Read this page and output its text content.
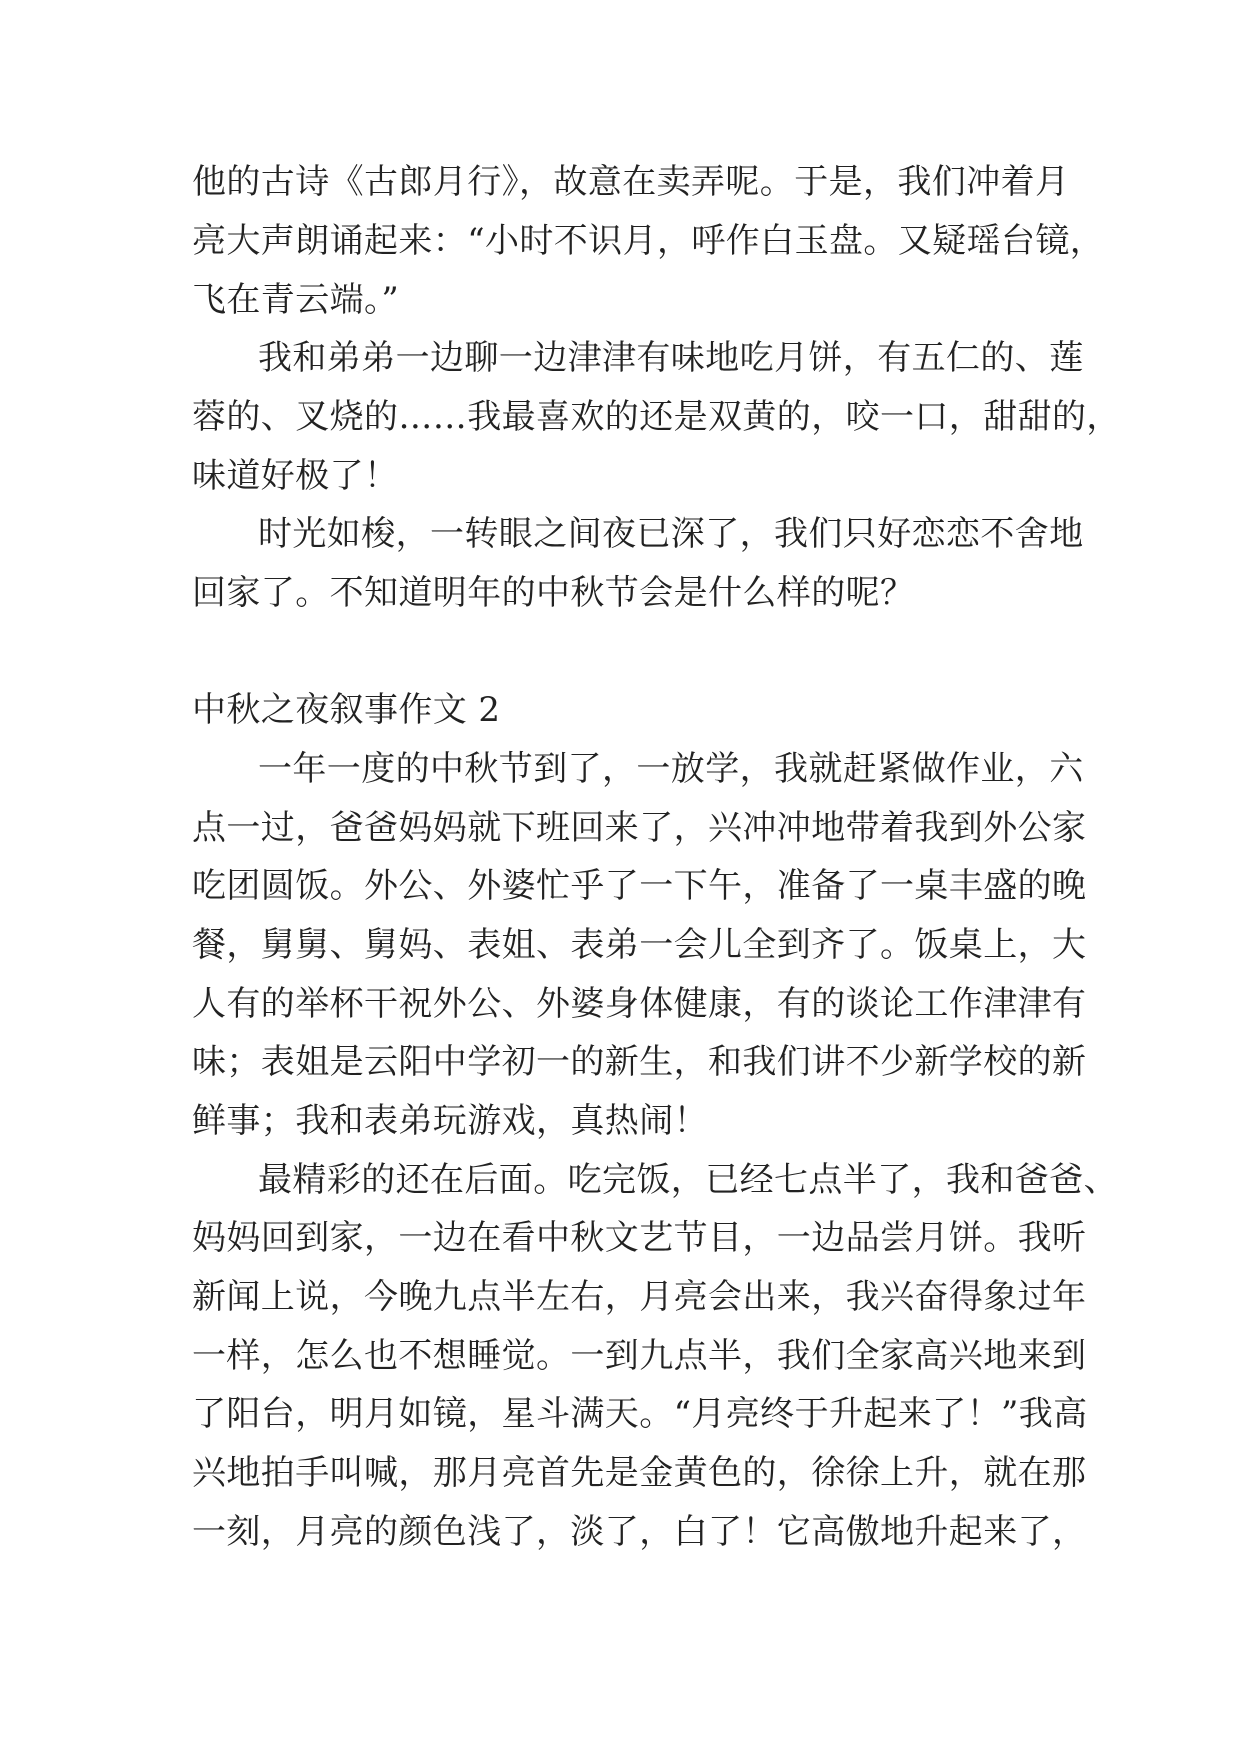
他的古诗《古郎月行》，故意在卖弄呢。于是，我们冲着月

亮大声朗诵起来：“小时不识月，呼作白玉盘。又疑瑶台镜，

飞在青云端。”

我和弟弟一边聊一边津津有味地吃月饼，有五仁的、莲

蓉的、叉烧的……我最喜欢的还是双黄的，咬一口，甜甜的，

味道好极了！

时光如梭，一转眼之间夜已深了，我们只好恋恋不舍地

回家了。不知道明年的中秋节会是什么样的呢？

中秋之夜叙事作文 2

一年一度的中秋节到了，一放学，我就赶紧做作业，六

点一过，爸爸妈妈就下班回来了，兴冲冲地带着我到外公家

吃团圆饭。外公、外婆忙乎了一下午，准备了一桌丰盛的晚

餐，舅舅、舅妈、表姐、表弟一会儿全到齐了。饭桌上，大

人有的举杯干祝外公、外婆身体健康，有的谈论工作津津有

味；表姐是云阳中学初一的新生，和我们讲不少新学校的新

鲜事；我和表弟玩游戏，真热闹！

最精彩的还在后面。吃完饭，已经七点半了，我和爸爸、

妈妈回到家，一边在看中秋文艺节目，一边品尝月饼。我听

新闻上说，今晚九点半左右，月亮会出来，我兴奋得象过年

一样，怎么也不想睡觉。一到九点半，我们全家高兴地来到

了阳台，明月如镜，星斗满天。“月亮终于升起来了！”我高

兴地拍手叫喊，那月亮首先是金黄色的，徐徐上升，就在那

一刻，月亮的颜色浅了，淡了，白了！它高傲地升起来了，
